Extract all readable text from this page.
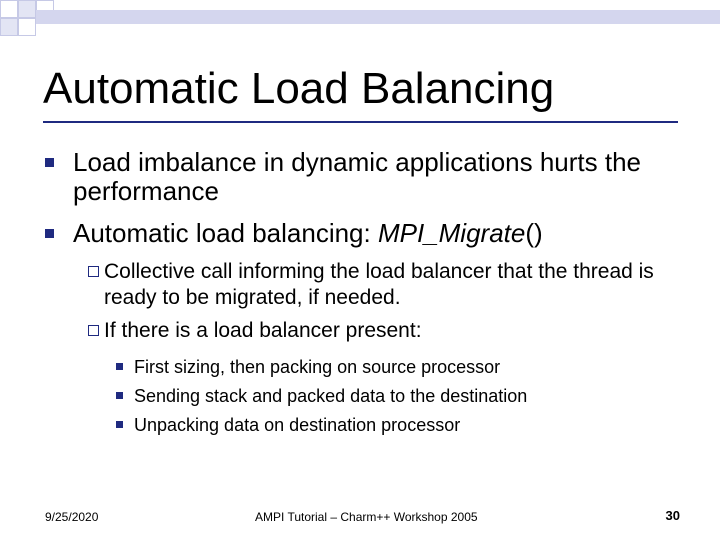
Automatic Load Balancing
Load imbalance in dynamic applications hurts the performance
Automatic load balancing: MPI_Migrate()
Collective call informing the load balancer that the thread is ready to be migrated, if needed.
If there is a load balancer present:
First sizing, then packing on source processor
Sending stack and packed data to the destination
Unpacking data on destination processor
9/25/2020	AMPI Tutorial – Charm++ Workshop 2005	30
